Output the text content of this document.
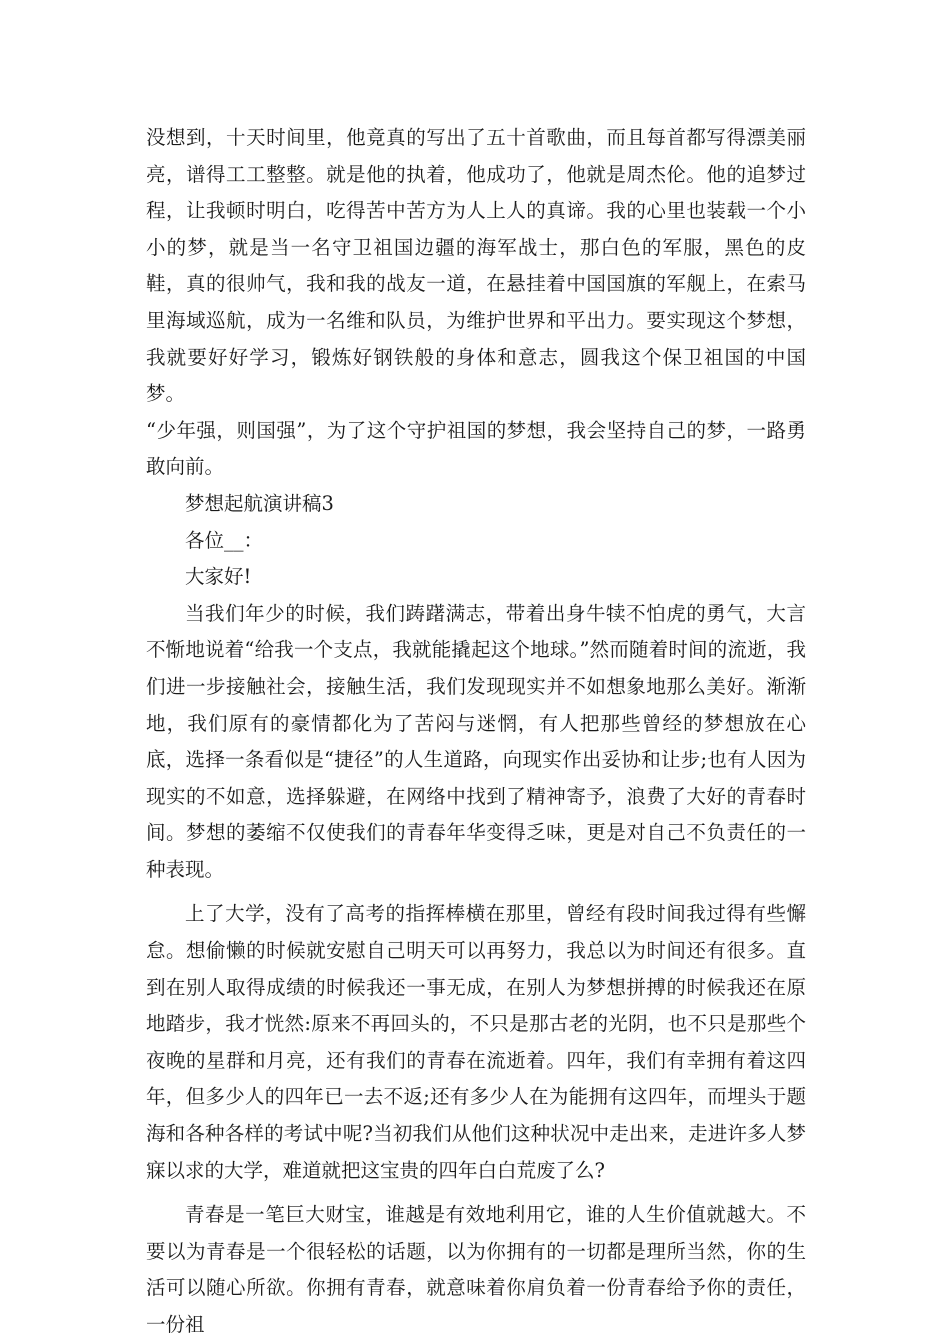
没想到，十天时间里，他竟真的写出了五十首歌曲，而且每首都写得漂美丽亮，谱得工工整整。就是他的执着，他成功了，他就是周杰伦。他的追梦过程，让我顿时明白，吃得苦中苦方为人上人的真谛。我的心里也装载一个小小的梦，就是当一名守卫祖国边疆的海军战士，那白色的军服，黑色的皮鞋，真的很帅气，我和我的战友一道，在悬挂着中国国旗的军舰上，在索马里海域巡航，成为一名维和队员，为维护世界和平出力。要实现这个梦想，我就要好好学习，锻炼好钢铁般的身体和意志，圆我这个保卫祖国的中国梦。

“少年强，则国强”，为了这个守护祖国的梦想，我会坚持自己的梦，一路勇敢向前。

梦想起航演讲稿3

各位__：

大家好!

当我们年少的时候，我们踌躇满志，带着出身牛犊不怕虎的勇气，大言不惭地说着“给我一个支点，我就能撬起这个地球。”然而随着时间的流逝，我们进一步接触社会，接触生活，我们发现现实并不如想象地那么美好。渐渐地，我们原有的豪情都化为了苦闷与迷惘，有人把那些曾经的梦想放在心底，选择一条看似是“捷径”的人生道路，向现实作出妥协和让步;也有人因为现实的不如意，选择躲避，在网络中找到了精神寄予，浪费了大好的青春时间。梦想的萎缩不仅使我们的青春年华变得乏味，更是对自己不负责任的一种表现。

上了大学，没有了高考的指挥棒横在那里，曾经有段时间我过得有些懈怠。想偷懒的时候就安慰自己明天可以再努力，我总以为时间还有很多。直到在别人取得成绩的时候我还一事无成，在别人为梦想拼搏的时候我还在原地踏步，我才恍然:原来不再回头的，不只是那古老的光阴，也不只是那些个夜晚的星群和月亮，还有我们的青春在流逝着。四年，我们有幸拥有着这四年，但多少人的四年已一去不返;还有多少人在为能拥有这四年，而埋头于题海和各种各样的考试中呢?当初我们从他们这种状况中走出来，走进许多人梦寐以求的大学，难道就把这宝贵的四年白白荒废了么?

青春是一笔巨大财宝，谁越是有效地利用它，谁的人生价值就越大。不要以为青春是一个很轻松的话题，以为你拥有的一切都是理所当然，你的生活可以随心所欲。你拥有青春，就意味着你肩负着一份青春给予你的责任，一份祖
